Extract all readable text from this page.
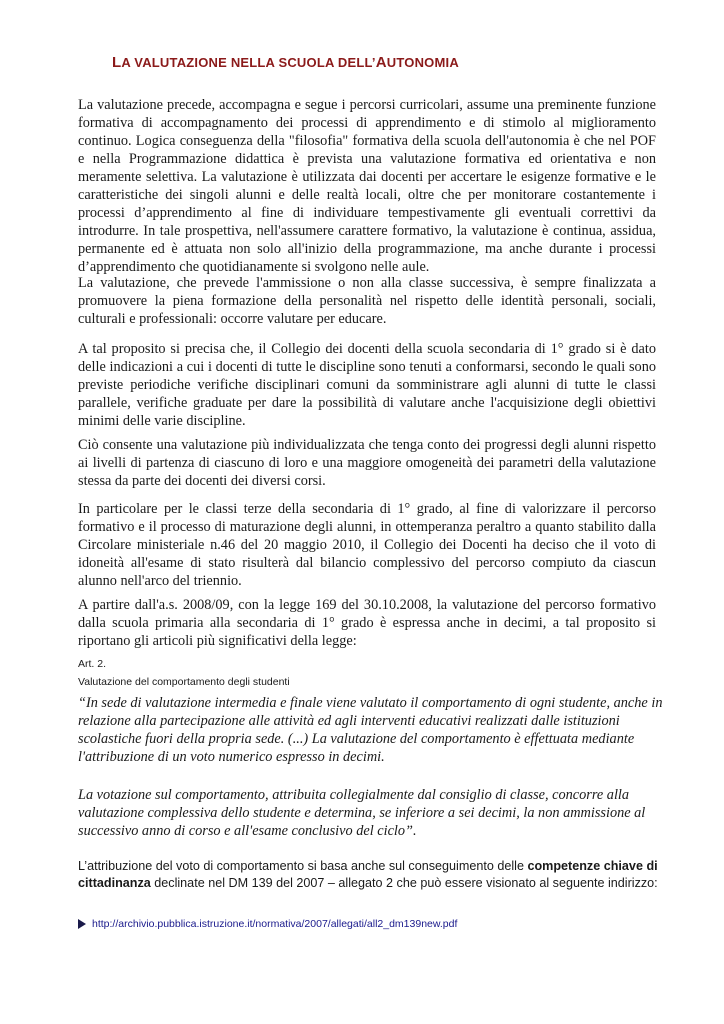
LA VALUTAZIONE NELLA SCUOLA DELL’AUTONOMIA

La valutazione precede, accompagna e segue i percorsi curricolari, assume una preminente funzione formativa di accompagnamento dei processi di apprendimento e di stimolo al miglioramento continuo. Logica conseguenza della "filosofia" formativa della scuola dell'autonomia è che nel POF e nella Programmazione didattica è prevista una valutazione formativa ed orientativa e non meramente selettiva. La valutazione è utilizzata dai docenti per accertare le esigenze formative e le caratteristiche dei singoli alunni e delle realtà locali, oltre che per monitorare costantemente i processi d’apprendimento al fine di individuare tempestivamente gli eventuali correttivi da introdurre. In tale prospettiva, nell'assumere carattere formativo, la valutazione è continua, assidua, permanente ed è attuata non solo all'inizio della programmazione, ma anche durante i processi d’apprendimento che quotidianamente si svolgono nelle aule.

La valutazione, che prevede l'ammissione o non alla classe successiva, è sempre finalizzata a promuovere la piena formazione della personalità nel rispetto delle identità personali, sociali, culturali e professionali: occorre valutare per educare.

A tal proposito si precisa che, il Collegio dei docenti della scuola secondaria di 1° grado si è dato delle indicazioni a cui i docenti di tutte le discipline sono tenuti a conformarsi, secondo le quali sono previste periodiche verifiche disciplinari comuni da somministrare agli alunni di tutte le classi parallele, verifiche graduate per dare la possibilità di valutare anche l'acquisizione degli obiettivi minimi delle varie discipline.

Ciò consente una valutazione più individualizzata che tenga conto dei progressi degli alunni rispetto ai livelli di partenza di ciascuno di loro e una maggiore omogeneità dei parametri della valutazione stessa da parte dei docenti dei diversi corsi.

In particolare per le classi terze della secondaria di 1° grado, al fine di valorizzare il percorso formativo e il processo di maturazione degli alunni, in ottemperanza peraltro a quanto stabilito dalla Circolare ministeriale n.46 del 20 maggio 2010, il Collegio dei Docenti ha deciso che il voto di idoneità all'esame di stato risulterà dal bilancio complessivo del percorso compiuto da ciascun alunno nell'arco del triennio.

A partire dall'a.s. 2008/09, con la legge 169 del 30.10.2008, la valutazione del percorso formativo dalla scuola primaria alla secondaria di 1° grado è espressa anche in decimi, a tal proposito si riportano gli articoli più significativi della legge:

Art. 2.

Valutazione del comportamento degli studenti

“In sede di valutazione intermedia e finale viene valutato il comportamento di ogni studente, anche in relazione alla partecipazione alle attività ed agli interventi educativi realizzati dalle istituzioni scolastiche fuori della propria sede. (...) La valutazione del comportamento è effettuata mediante l'attribuzione di un voto numerico espresso in decimi.

La votazione sul comportamento, attribuita collegialmente dal consiglio di classe, concorre alla valutazione complessiva dello studente e determina, se inferiore a sei decimi, la non ammissione al successivo anno di corso e all'esame conclusivo del ciclo”.

L’attribuzione del voto di comportamento si basa anche sul conseguimento delle competenze chiave di cittadinanza declinate nel DM 139 del 2007 – allegato 2 che può essere visionato al seguente indirizzo:

http://archivio.pubblica.istruzione.it/normativa/2007/allegati/all2_dm139new.pdf
